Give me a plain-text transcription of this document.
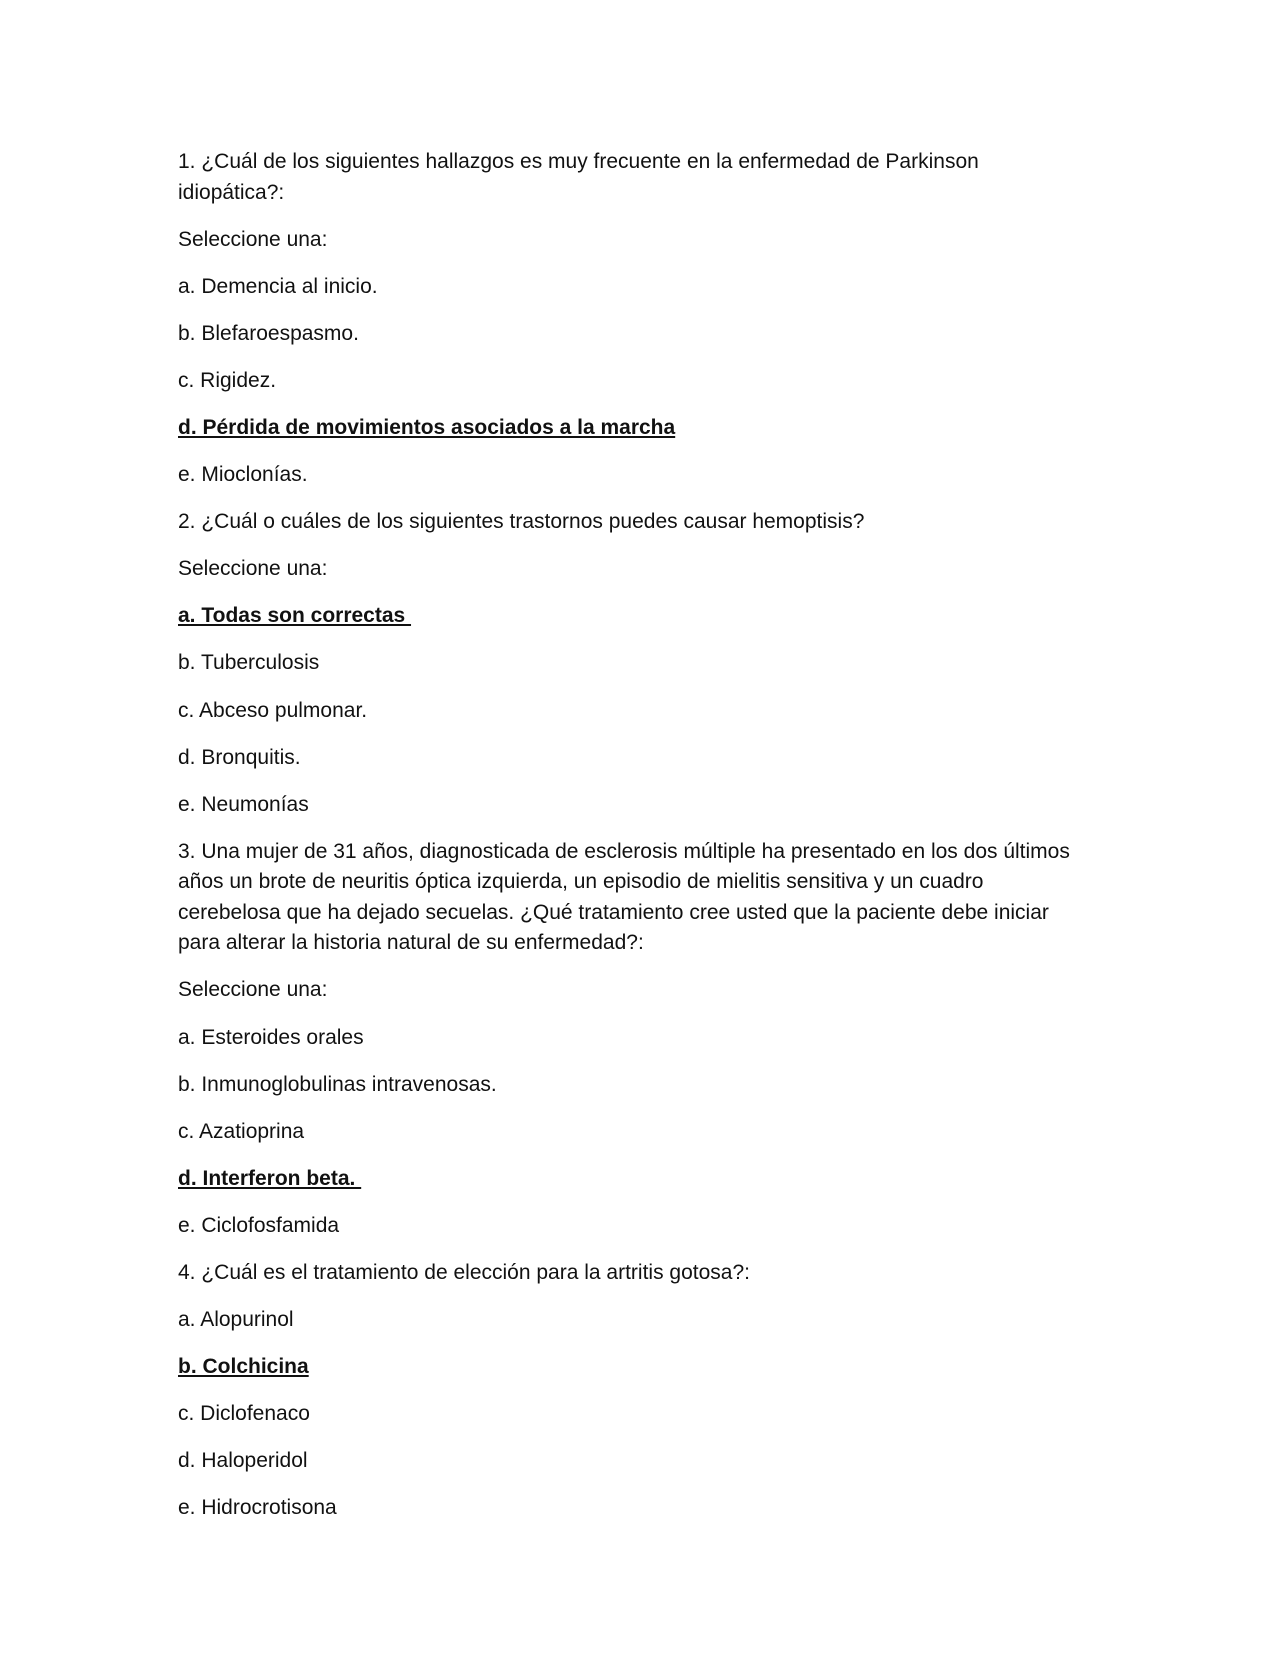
1. ¿Cuál de los siguientes hallazgos es muy frecuente en la enfermedad de Parkinson idiopática?:

Seleccione una:

a. Demencia al inicio.

b. Blefaroespasmo.

c. Rigidez.

d. Pérdida de movimientos asociados a la marcha

e. Mioclonías.

2. ¿Cuál o cuáles de los siguientes trastornos puedes causar hemoptisis?

Seleccione una:

a. Todas son correctas

b. Tuberculosis

c. Abceso pulmonar.

d. Bronquitis.

e. Neumonías

3. Una mujer de 31 años, diagnosticada de esclerosis múltiple ha presentado en los dos últimos años un brote de neuritis óptica izquierda, un episodio de mielitis sensitiva y un cuadro cerebelosa que ha dejado secuelas. ¿Qué tratamiento cree usted que la paciente debe iniciar para alterar la historia natural de su enfermedad?:

Seleccione una:

a. Esteroides orales

b. Inmunoglobulinas intravenosas.

c. Azatioprina

d. Interferon beta.

e. Ciclofosfamida

4. ¿Cuál es el tratamiento de elección para la artritis gotosa?:

a. Alopurinol

b. Colchicina

c. Diclofenaco

d. Haloperidol

e. Hidrocrotisona
